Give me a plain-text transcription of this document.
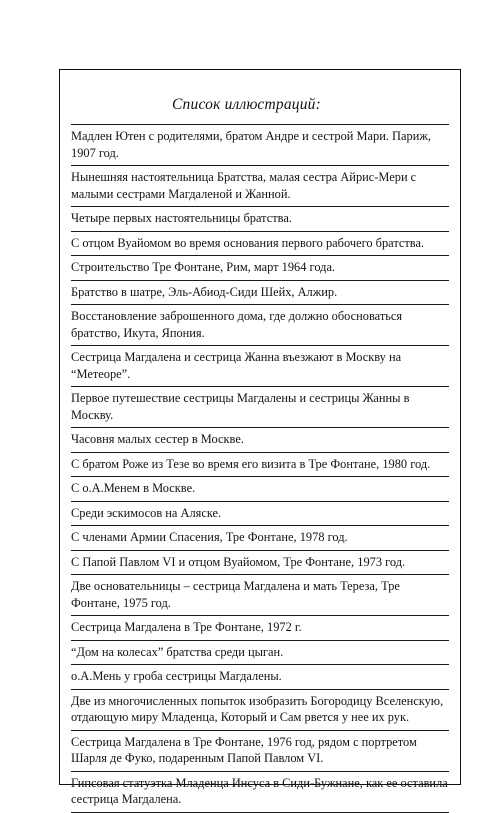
Список иллюстраций:
Мадлен Ютен с родителями, братом Андре и сестрой Мари. Париж, 1907 год.
Нынешняя настоятельница Братства, малая сестра Айрис-Мери с малыми сестрами Магдаленой и Жанной.
Четыре первых настоятельницы братства.
С отцом Вуайомом во время основания первого рабочего братства.
Строительство Тре Фонтане, Рим, март 1964 года.
Братство в шатре, Эль-Абиод-Сиди Шейх, Алжир.
Восстановление заброшенного дома, где должно обосноваться братство, Икута, Япония.
Сестрица Магдалена и сестрица Жанна въезжают в Москву на “Метеоре”.
Первое путешествие сестрицы Магдалены и сестрицы Жанны в Москву.
Часовня малых сестер в Москве.
С братом Роже из Тезе во время его визита в Тре Фонтане, 1980 год.
С о.А.Менем в Москве.
Среди эскимосов на Аляске.
С членами Армии Спасения, Тре Фонтане, 1978 год.
С Папой Павлом VI и отцом Вуайомом, Тре Фонтане, 1973 год.
Две основательницы – сестрица Магдалена и мать Тереза, Тре Фонтане, 1975 год.
Сестрица Магдалена в Тре Фонтане, 1972 г.
“Дом на колесах” братства среди цыган.
о.А.Мень у гроба сестрицы Магдалены.
Две из многочисленных попыток изобразить Богородицу Вселенскую, отдающую миру Младенца, Который и Сам рвется у нее их рук.
Сестрица Магдалена в Тре Фонтане, 1976 год, рядом с портретом Шарля де Фуко, подаренным Папой Павлом VI.
Гипсовая статуэтка Младенца Инсуса в Сиди-Бужнане, как ее оставила сестрица Магдалена.
